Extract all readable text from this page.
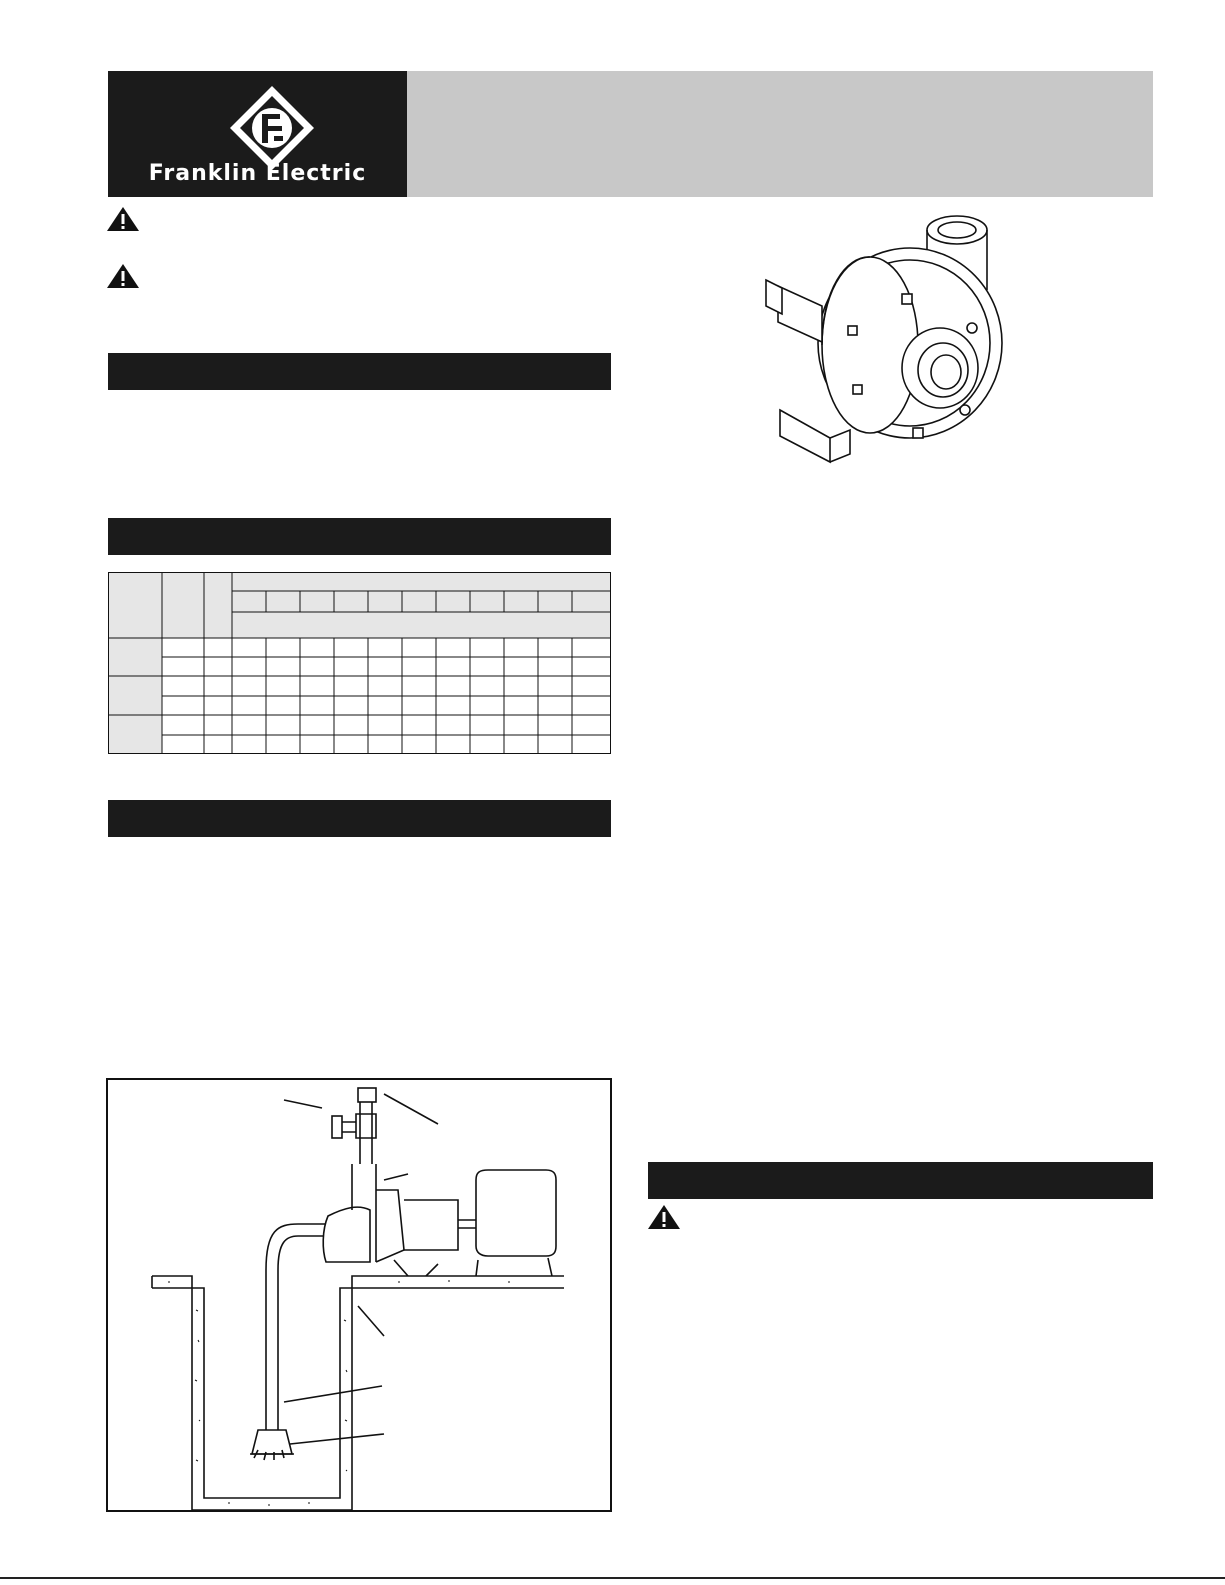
Franklin Electric
